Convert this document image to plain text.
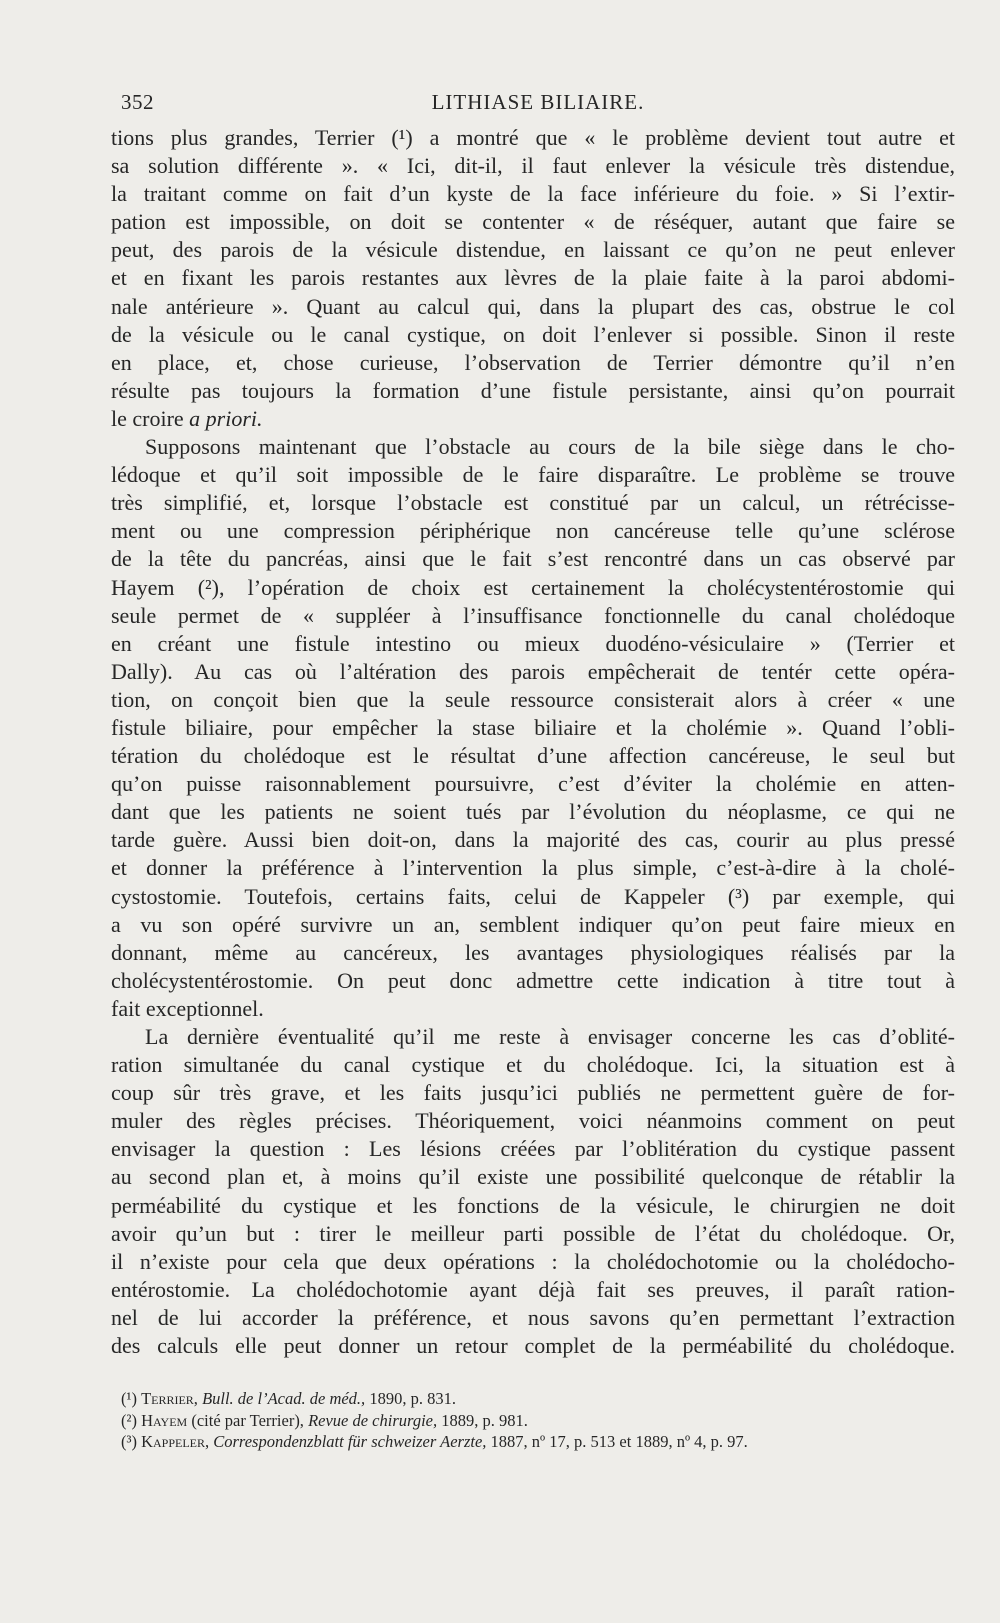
352	LITHIASE BILIAIRE.
tions plus grandes, Terrier (¹) a montré que « le problème devient tout autre et
sa solution différente ». « Ici, dit-il, il faut enlever la vésicule très distendue,
la traitant comme on fait d’un kyste de la face inférieure du foie. » Si l’extir-
pation est impossible, on doit se contenter « de réséquer, autant que faire se
peut, des parois de la vésicule distendue, en laissant ce qu’on ne peut enlever
et en fixant les parois restantes aux lèvres de la plaie faite à la paroi abdomi-
nale antérieure ». Quant au calcul qui, dans la plupart des cas, obstrue le col
de la vésicule ou le canal cystique, on doit l’enlever si possible. Sinon il reste
en place, et, chose curieuse, l’observation de Terrier démontre qu’il n’en
résulte pas toujours la formation d’une fistule persistante, ainsi qu’on pourrait
le croire a priori.
Supposons maintenant que l’obstacle au cours de la bile siège dans le cho-
lédoque et qu’il soit impossible de le faire disparaître. Le problème se trouve
très simplifié, et, lorsque l’obstacle est constitué par un calcul, un rétrécisse-
ment ou une compression périphérique non cancéreuse telle qu’une sclérose
de la tête du pancréas, ainsi que le fait s’est rencontré dans un cas observé par
Hayem (²), l’opération de choix est certainement la cholécystentérostomie qui
seule permet de « suppléer à l’insuffisance fonctionnelle du canal cholédoque
en créant une fistule intestino ou mieux duodéno-vésiculaire » (Terrier et
Dally). Au cas où l’altération des parois empêcherait de tentér cette opéra-
tion, on conçoit bien que la seule ressource consisterait alors à créer « une
fistule biliaire, pour empêcher la stase biliaire et la cholémie ». Quand l’obli-
tération du cholédoque est le résultat d’une affection cancéreuse, le seul but
qu’on puisse raisonnablement poursuivre, c’est d’éviter la cholémie en atten-
dant que les patients ne soient tués par l’évolution du néoplasme, ce qui ne
tarde guère. Aussi bien doit-on, dans la majorité des cas, courir au plus pressé
et donner la préférence à l’intervention la plus simple, c’est-à-dire à la cholé-
cystostomie. Toutefois, certains faits, celui de Kappeler (³) par exemple, qui
a vu son opéré survivre un an, semblent indiquer qu’on peut faire mieux en
donnant, même au cancéreux, les avantages physiologiques réalisés par la
cholécystentérostomie. On peut donc admettre cette indication à titre tout à
fait exceptionnel.
La dernière éventualité qu’il me reste à envisager concerne les cas d’oblité-
ration simultanée du canal cystique et du cholédoque. Ici, la situation est à
coup sûr très grave, et les faits jusqu’ici publiés ne permettent guère de for-
muler des règles précises. Théoriquement, voici néanmoins comment on peut
envisager la question : Les lésions créées par l’oblitération du cystique passent
au second plan et, à moins qu’il existe une possibilité quelconque de rétablir la
perméabilité du cystique et les fonctions de la vésicule, le chirurgien ne doit
avoir qu’un but : tirer le meilleur parti possible de l’état du cholédoque. Or,
il n’existe pour cela que deux opérations : la cholédochotomie ou la cholédocho-
entérostomie. La cholédochotomie ayant déjà fait ses preuves, il paraît ration-
nel de lui accorder la préférence, et nous savons qu’en permettant l’extraction
des calculs elle peut donner un retour complet de la perméabilité du cholédoque.
(¹) Terrier, Bull. de l’Acad. de méd., 1890, p. 831.
(²) Hayem (cité par Terrier), Revue de chirurgie, 1889, p. 981.
(³) Kappeler, Correspondenzblatt für schweizer Aerzte, 1887, nº 17, p. 513 et 1889, nº 4, p. 97.
